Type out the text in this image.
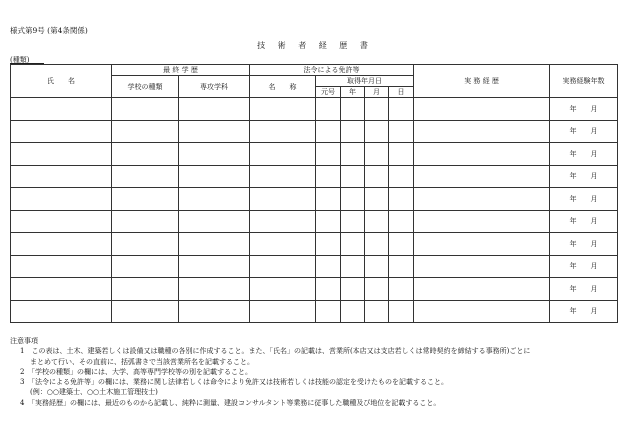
様式第9号 (第4条関係)
技 術 者 経 歴 書
(種類)
氏　　名	最 終 学 歴		法令による免許等					実 務 経 歴	実務経験年数
	学校の種類	専攻学科	名　　称	取得年月日					
				元号	年	月	日		
									年 月
									年 月
									年 月
									年 月
									年 月
									年 月
									年 月
									年 月
									年 月
									年 月
注意事項
1　この表は、土木、建築若しくは設備又は職種の各別に作成すること。また、「氏名」の記載は、営業所(本店又は支店若しくは常時契約を締結する事務所)ごとに
まとめて行い、その直前に、括弧書きで当該営業所名を記載すること。
2　「学校の種類」の欄には、大学、高等専門学校等の別を記載すること。
3　「法令による免許等」の欄には、業務に関し法律若しくは命令により免許又は技術若しくは技能の認定を受けたものを記載すること。
(例：○○建築士、○○土木施工管理技士)
4　「実務経歴」の欄には、最近のものから記載し、純粋に測量、建設コンサルタント等業務に従事した職種及び地位を記載すること。
